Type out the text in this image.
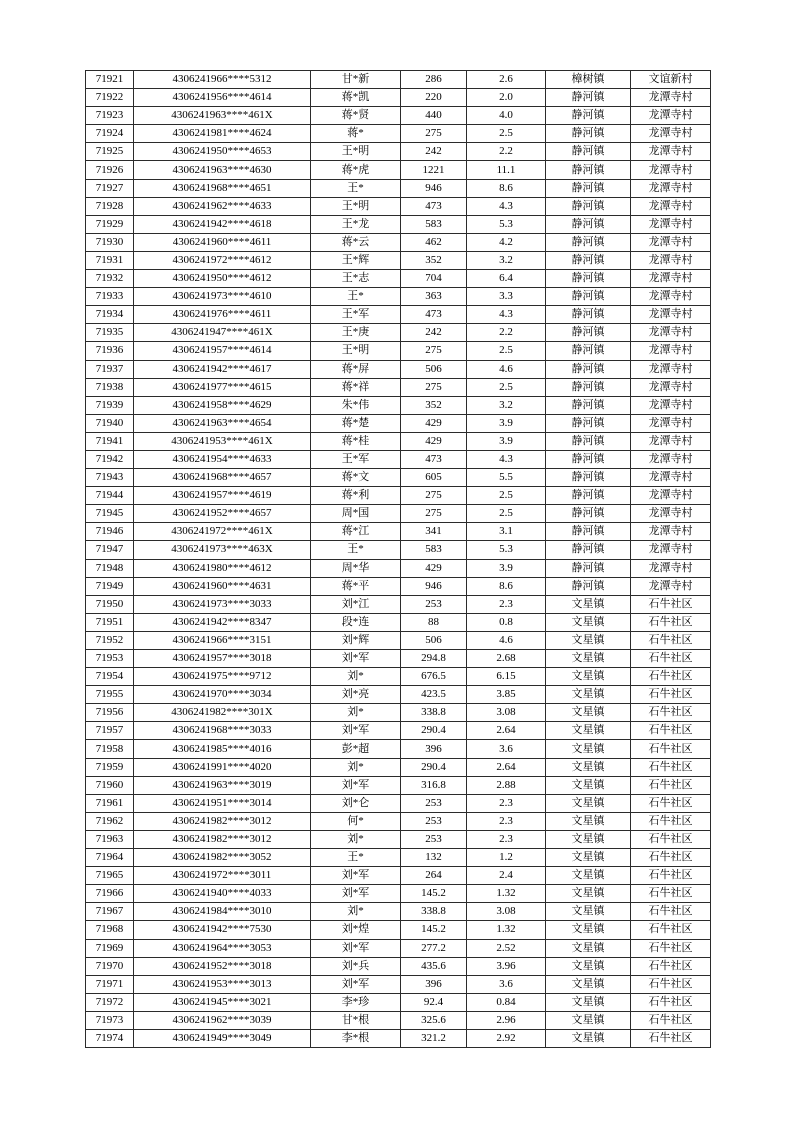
71921	4306241966****5312	甘*新	286	2.6	樟树镇	文谊新村
71922	4306241956****4614	蒋*凯	220	2.0	静河镇	龙潭寺村
71923	4306241963****461X	蒋*贤	440	4.0	静河镇	龙潭寺村
71924	4306241981****4624	蒋*	275	2.5	静河镇	龙潭寺村
71925	4306241950****4653	王*明	242	2.2	静河镇	龙潭寺村
71926	4306241963****4630	蒋*虎	1221	11.1	静河镇	龙潭寺村
71927	4306241968****4651	王*	946	8.6	静河镇	龙潭寺村
71928	4306241962****4633	王*明	473	4.3	静河镇	龙潭寺村
71929	4306241942****4618	王*龙	583	5.3	静河镇	龙潭寺村
71930	4306241960****4611	蒋*云	462	4.2	静河镇	龙潭寺村
71931	4306241972****4612	王*辉	352	3.2	静河镇	龙潭寺村
71932	4306241950****4612	王*志	704	6.4	静河镇	龙潭寺村
71933	4306241973****4610	王*	363	3.3	静河镇	龙潭寺村
71934	4306241976****4611	王*军	473	4.3	静河镇	龙潭寺村
71935	4306241947****461X	王*庚	242	2.2	静河镇	龙潭寺村
71936	4306241957****4614	王*明	275	2.5	静河镇	龙潭寺村
71937	4306241942****4617	蒋*屏	506	4.6	静河镇	龙潭寺村
71938	4306241977****4615	蒋*祥	275	2.5	静河镇	龙潭寺村
71939	4306241958****4629	朱*伟	352	3.2	静河镇	龙潭寺村
71940	4306241963****4654	蒋*楚	429	3.9	静河镇	龙潭寺村
71941	4306241953****461X	蒋*桂	429	3.9	静河镇	龙潭寺村
71942	4306241954****4633	王*军	473	4.3	静河镇	龙潭寺村
71943	4306241968****4657	蒋*文	605	5.5	静河镇	龙潭寺村
71944	4306241957****4619	蒋*利	275	2.5	静河镇	龙潭寺村
71945	4306241952****4657	周*国	275	2.5	静河镇	龙潭寺村
71946	4306241972****461X	蒋*江	341	3.1	静河镇	龙潭寺村
71947	4306241973****463X	王*	583	5.3	静河镇	龙潭寺村
71948	4306241980****4612	周*华	429	3.9	静河镇	龙潭寺村
71949	4306241960****4631	蒋*平	946	8.6	静河镇	龙潭寺村
71950	4306241973****3033	刘*江	253	2.3	文星镇	石牛社区
71951	4306241942****8347	段*连	88	0.8	文星镇	石牛社区
71952	4306241966****3151	刘*辉	506	4.6	文星镇	石牛社区
71953	4306241957****3018	刘*军	294.8	2.68	文星镇	石牛社区
71954	4306241975****9712	刘*	676.5	6.15	文星镇	石牛社区
71955	4306241970****3034	刘*亮	423.5	3.85	文星镇	石牛社区
71956	4306241982****301X	刘*	338.8	3.08	文星镇	石牛社区
71957	4306241968****3033	刘*军	290.4	2.64	文星镇	石牛社区
71958	4306241985****4016	彭*超	396	3.6	文星镇	石牛社区
71959	4306241991****4020	刘*	290.4	2.64	文星镇	石牛社区
71960	4306241963****3019	刘*军	316.8	2.88	文星镇	石牛社区
71961	4306241951****3014	刘*仑	253	2.3	文星镇	石牛社区
71962	4306241982****3012	何*	253	2.3	文星镇	石牛社区
71963	4306241982****3012	刘*	253	2.3	文星镇	石牛社区
71964	4306241982****3052	王*	132	1.2	文星镇	石牛社区
71965	4306241972****3011	刘*军	264	2.4	文星镇	石牛社区
71966	4306241940****4033	刘*军	145.2	1.32	文星镇	石牛社区
71967	4306241984****3010	刘*	338.8	3.08	文星镇	石牛社区
71968	4306241942****7530	刘*煌	145.2	1.32	文星镇	石牛社区
71969	4306241964****3053	刘*军	277.2	2.52	文星镇	石牛社区
71970	4306241952****3018	刘*兵	435.6	3.96	文星镇	石牛社区
71971	4306241953****3013	刘*军	396	3.6	文星镇	石牛社区
71972	4306241945****3021	李*珍	92.4	0.84	文星镇	石牛社区
71973	4306241962****3039	甘*根	325.6	2.96	文星镇	石牛社区
71974	4306241949****3049	李*根	321.2	2.92	文星镇	石牛社区
